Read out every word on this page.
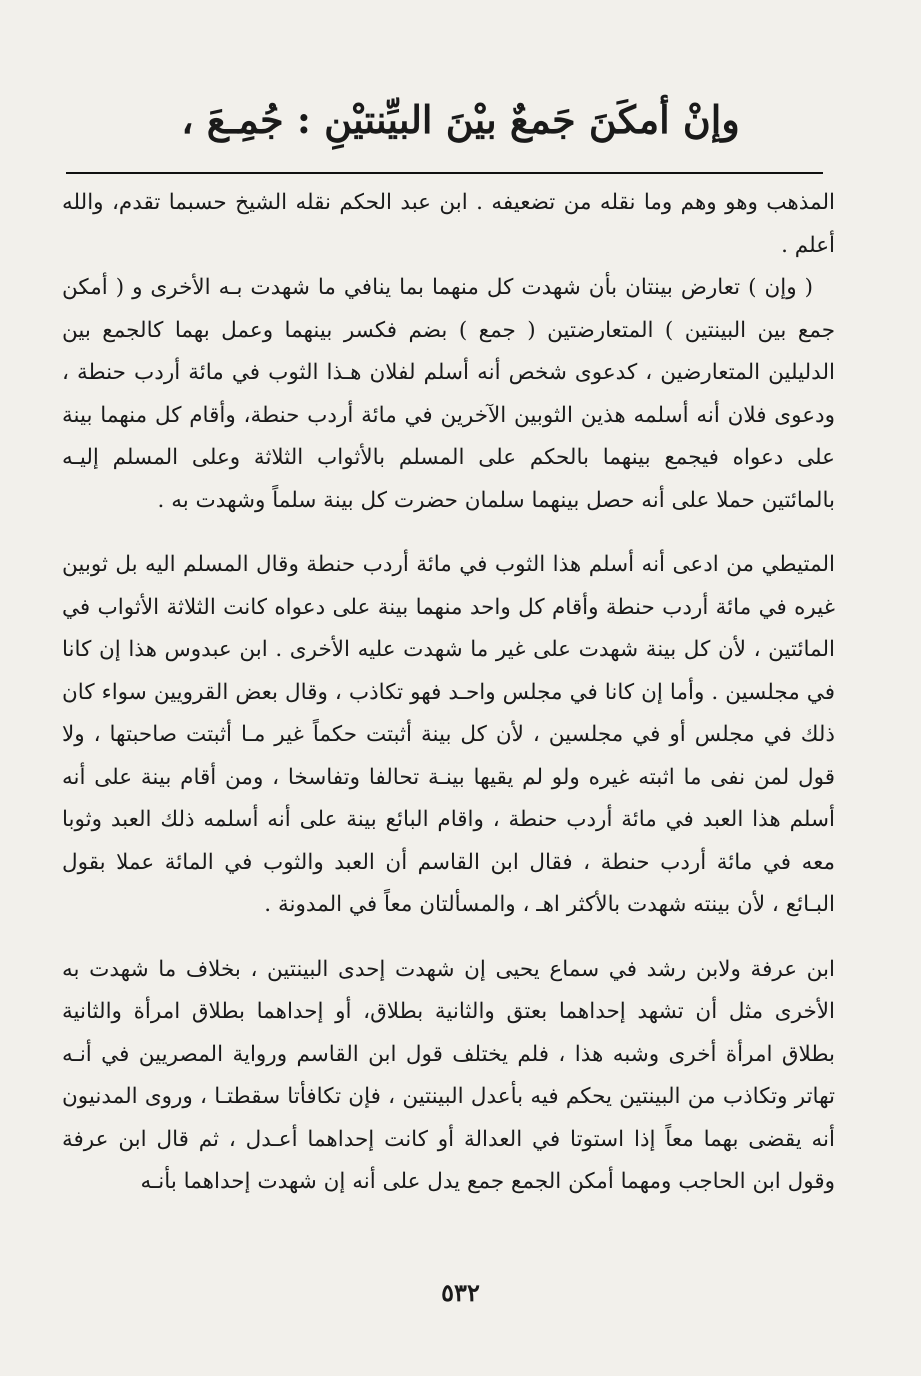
وإنْ أمكَنَ جَمعٌ بيْنَ البيِّنتيْنِ : جُمِـعَ ،

المذهب وهو وهم وما نقله من تضعيفه . ابن عبد الحكم نقله الشيخ حسبما تقدم، والله أعلم .

( وإن ) تعارض بينتان بأن شهدت كل منهما بما ينافي ما شهدت بـه الأخرى و ( أمكن جمع بين البينتين ) المتعارضتين ( جمع ) بضم فكسر بينهما وعمل بهما كالجمع بين الدليلين المتعارضين ، كدعوى شخص أنه أسلم لفلان هـذا الثوب في مائة أردب حنطة ، ودعوى فلان أنه أسلمه هذين الثوبين الآخرين في مائة أردب حنطة، وأقام كل منهما بينة على دعواه فيجمع بينهما بالحكم على المسلم بالأثواب الثلاثة وعلى المسلم إليـه بالمائتين حملا على أنه حصل بينهما سلمان حضرت كل بينة سلماً وشهدت به .

المتيطي من ادعى أنه أسلم هذا الثوب في مائة أردب حنطة وقال المسلم اليه بل ثوبين غيره في مائة أردب حنطة وأقام كل واحد منهما بينة على دعواه كانت الثلاثة الأثواب في المائتين ، لأن كل بينة شهدت على غير ما شهدت عليه الأخرى . ابن عبدوس هذا إن كانا في مجلسين . وأما إن كانا في مجلس واحـد فهو تكاذب ، وقال بعض القرويين سواء كان ذلك في مجلس أو في مجلسين ، لأن كل بينة أثبتت حكماً غير مـا أثبتت صاحبتها ، ولا قول لمن نفى ما اثبته غيره ولو لم يقيها بينـة تحالفا وتفاسخا ، ومن أقام بينة على أنه أسلم هذا العبد في مائة أردب حنطة ، واقام البائع بينة على أنه أسلمه ذلك العبد وثوبا معه في مائة أردب حنطة ، فقال ابن القاسم أن العبد والثوب في المائة عملا بقول البـائع ، لأن بينته شهدت بالأكثر اهـ ، والمسألتان معاً في المدونة .

ابن عرفة ولابن رشد في سماع يحيى إن شهدت إحدى البينتين ، بخلاف ما شهدت به الأخرى مثل أن تشهد إحداهما بعتق والثانية بطلاق، أو إحداهما بطلاق امرأة والثانية بطلاق امرأة أخرى وشبه هذا ، فلم يختلف قول ابن القاسم ورواية المصريين في أنـه تهاتر وتكاذب من البينتين يحكم فيه بأعدل البينتين ، فإن تكافأتا سقطتـا ، وروى المدنيون أنه يقضى بهما معاً إذا استوتا في العدالة أو كانت إحداهما أعـدل ، ثم قال ابن عرفة وقول ابن الحاجب ومهما أمكن الجمع جمع يدل على أنه إن شهدت إحداهما بأنـه

٥٣٢
